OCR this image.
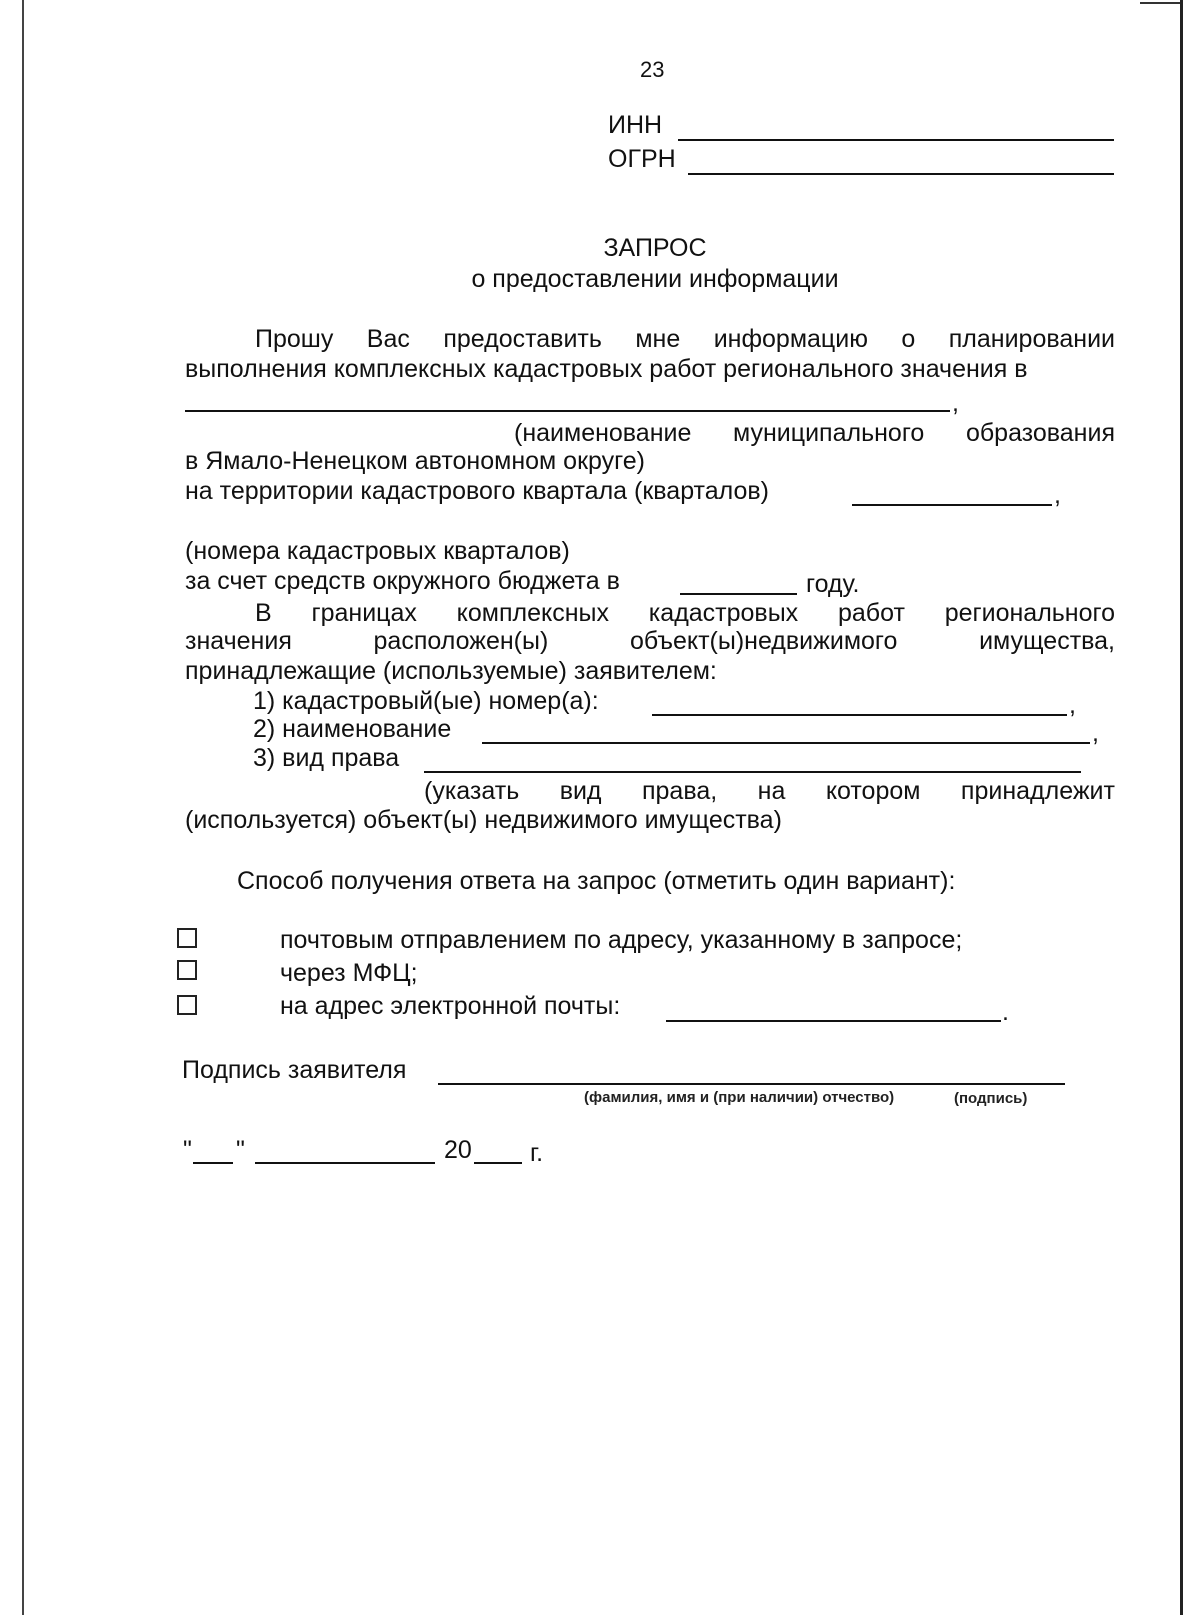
23
ИНН
ОГРН
ЗАПРОС
о предоставлении информации
Прошу Вас предоставить мне информацию о планировании
выполнения комплексных кадастровых работ регионального значения в
,
(наименование муниципального образования
в Ямало-Ненецком автономном округе)
на территории кадастрового квартала (кварталов)	,
(номера кадастровых кварталов)
за счет средств окружного бюджета в	году.
В границах комплексных кадастровых работ регионального
значения	расположен(ы)	объект(ы)недвижимого	имущества,
принадлежащие (используемые) заявителем:
1) кадастровый(ые) номер(а):	,
2) наименование	,
3) вид права
(указать вид права, на котором принадлежит
(используется) объект(ы) недвижимого имущества)
Способ получения ответа на запрос (отметить один вариант):
почтовым отправлением по адресу, указанному в запросе;
через МФЦ;
на адрес электронной почты:	.
Подпись заявителя
(фамилия, имя и (при наличии) отчество)	(подпись)
" "	20 г.
